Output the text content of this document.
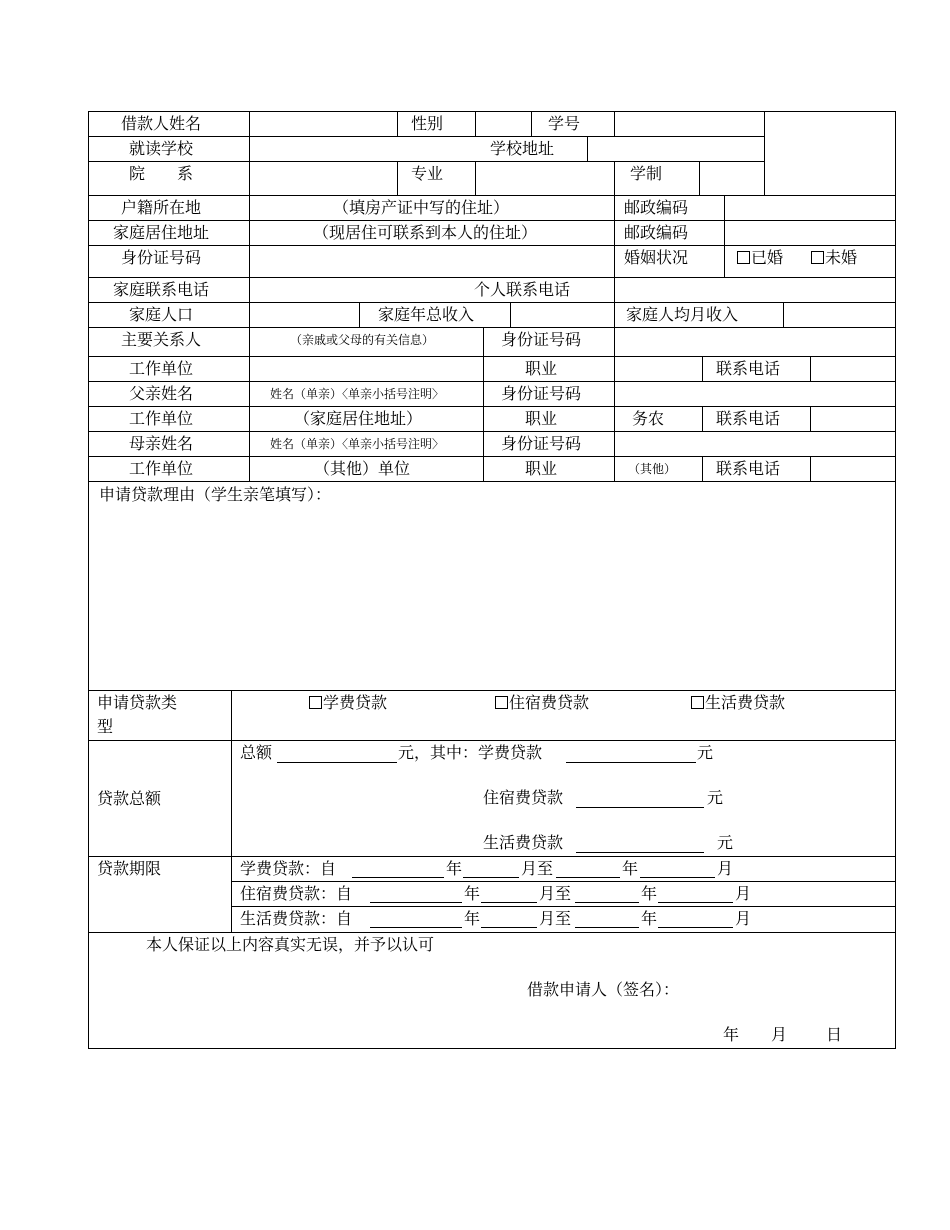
借款人姓名	性别	学号
就读学校	学校地址
院　　系	专业	学制
户籍所在地	（填房产证中写的住址）	邮政编码
家庭居住地址	（现居住可联系到本人的住址）	邮政编码
身份证号码	婚姻状况	已婚	未婚
家庭联系电话	个人联系电话
家庭人口	家庭年总收入	家庭人均月收入
主要关系人	（亲戚或父母的有关信息）	身份证号码
工作单位	职业	联系电话
父亲姓名	姓名（单亲）〈单亲小括号注明〉	身份证号码
工作单位	（家庭居住地址）	职业	务农	联系电话
母亲姓名	姓名（单亲）〈单亲小括号注明〉	身份证号码
工作单位	（其他）单位	职业	（其他） 联系电话
申请贷款理由（学生亲笔填写）：
申请贷款类
型
学费贷款	住宿费贷款	生活费贷款
贷款总额
总额	元，其中：学费贷款	元
住宿费贷款	元
生活费贷款	元
贷款期限	学费贷款：自	年	月至	年	月
住宿费贷款：自	年	月至	年	月
生活费贷款：自	年	月至	年	月
本人保证以上内容真实无误，并予以认可
借款申请人（签名）：
年 月 日
